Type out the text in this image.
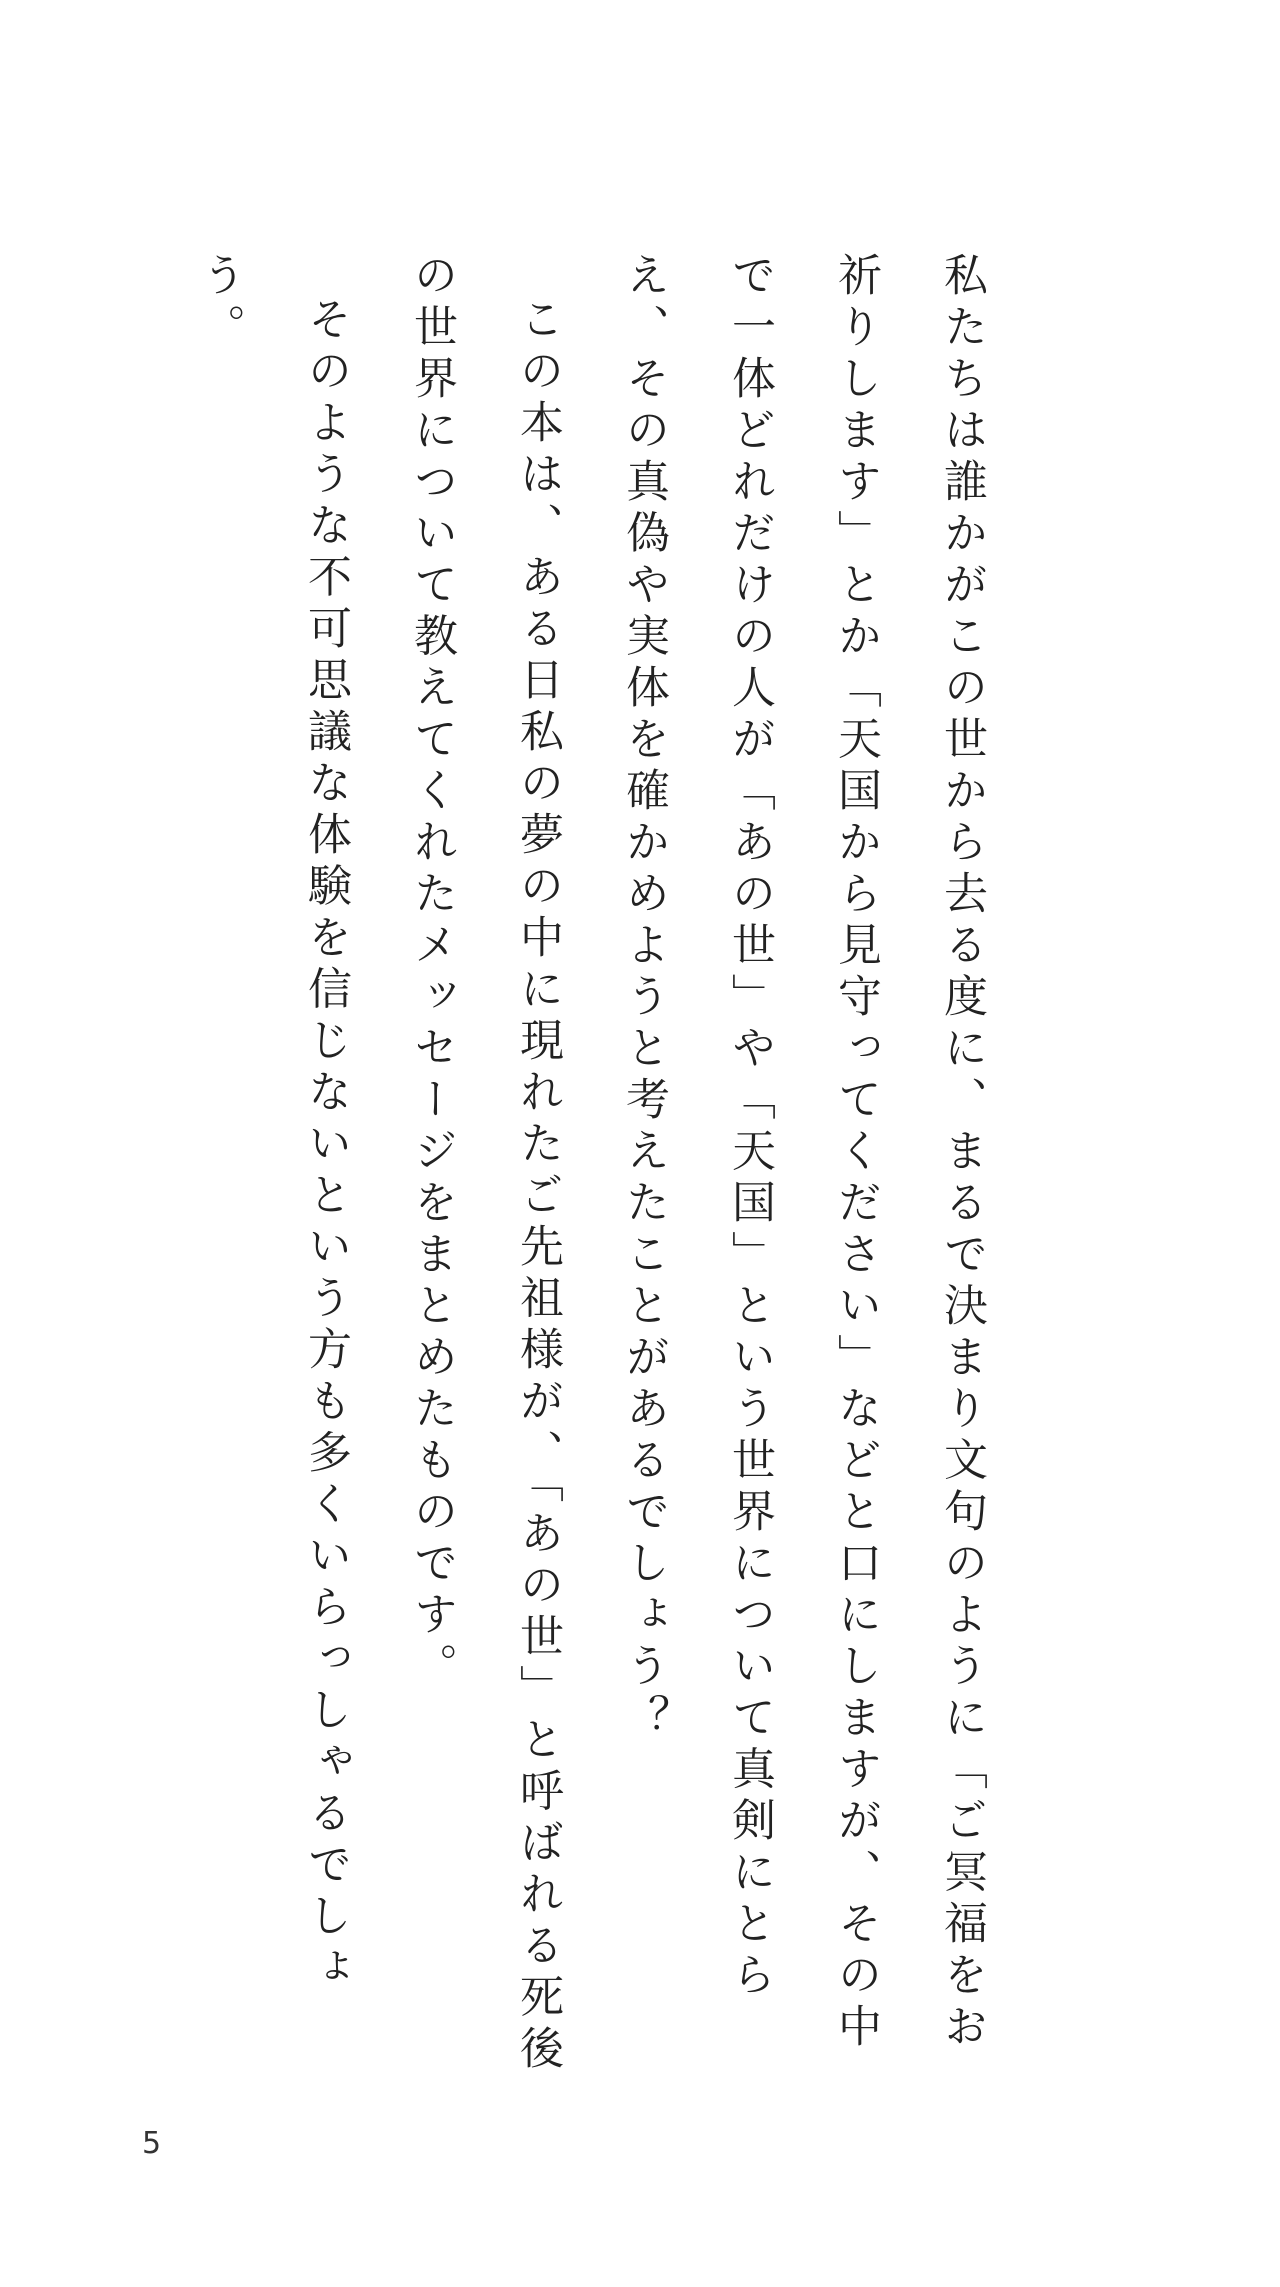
私たちは誰かがこの世から去る度に、まるで決まり文句のように「ご冥福をお祈りします」とか「天国から見守ってください」などと口にしますが、その中で一体どれだけの人が「あの世」や「天国」という世界について真剣にとらえ、その真偽や実体を確かめようと考えたことがあるでしょう？

この本は、ある日私の夢の中に現れたご先祖様が、「あの世」と呼ばれる死後の世界について教えてくれたメッセージをまとめたものです。

そのような不可思議な体験を信じないという方も多くいらっしゃるでしょう。

5
